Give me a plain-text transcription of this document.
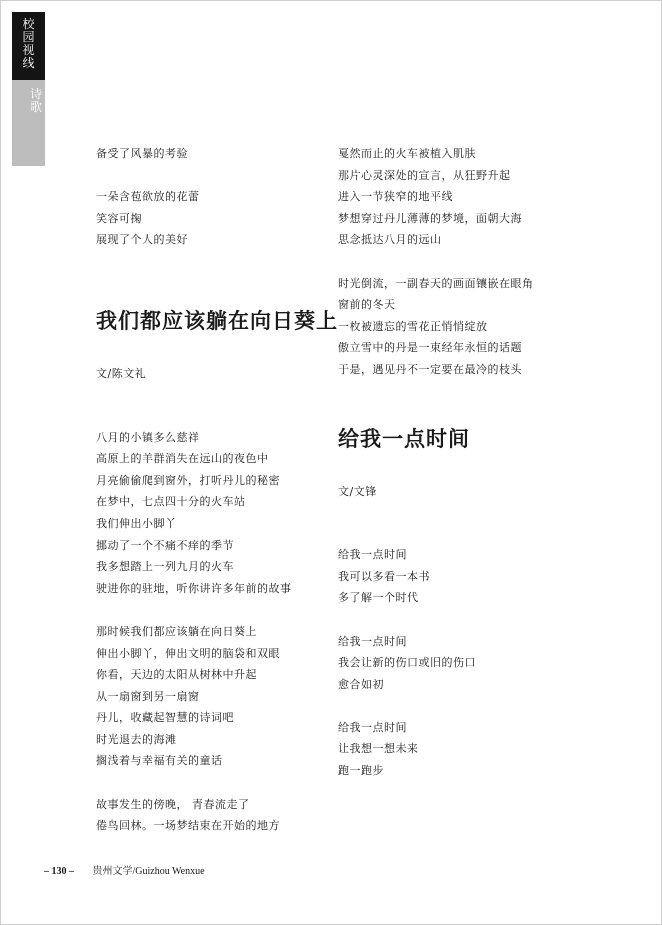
校
园
视
线
诗
歌
备受了风暴的考验
一朵含苞欲放的花蕾
笑容可掬
展现了个人的美好
我们都应该躺在向日葵上
文/陈文礼
八月的小镇多么慈祥
高原上的羊群消失在远山的夜色中
月亮偷偷爬到窗外，打听丹儿的秘密
在梦中，七点四十分的火车站
我们伸出小脚丫
挪动了一个不痛不痒的季节
我多想踏上一列九月的火车
驶进你的驻地，听你讲许多年前的故事
那时候我们都应该躺在向日葵上
伸出小脚丫，伸出文明的脑袋和双眼
你看，天边的太阳从树林中升起
从一扇窗到另一扇窗
丹儿，收藏起智慧的诗词吧
时光退去的海滩
搁浅着与幸福有关的童话
故事发生的傍晚， 青春流走了
倦鸟回林。一场梦结束在开始的地方
戛然而止的火车被植入肌肤
那片心灵深处的宣言，从狂野升起
进入一节狭窄的地平线
梦想穿过丹儿薄薄的梦境，面朝大海
思念抵达八月的远山
时光倒流，一副春天的画面镶嵌在眼角
窗前的冬天
一枚被遗忘的雪花正悄悄绽放
傲立雪中的丹是一束经年永恒的话题
于是，遇见丹不一定要在最冷的枝头
给我一点时间
文/文锋
给我一点时间
我可以多看一本书
多了解一个时代
给我一点时间
我会让新的伤口或旧的伤口
愈合如初
给我一点时间
让我想一想未来
跑一跑步
– 130 – 贵州文学/Guizhou Wenxue
